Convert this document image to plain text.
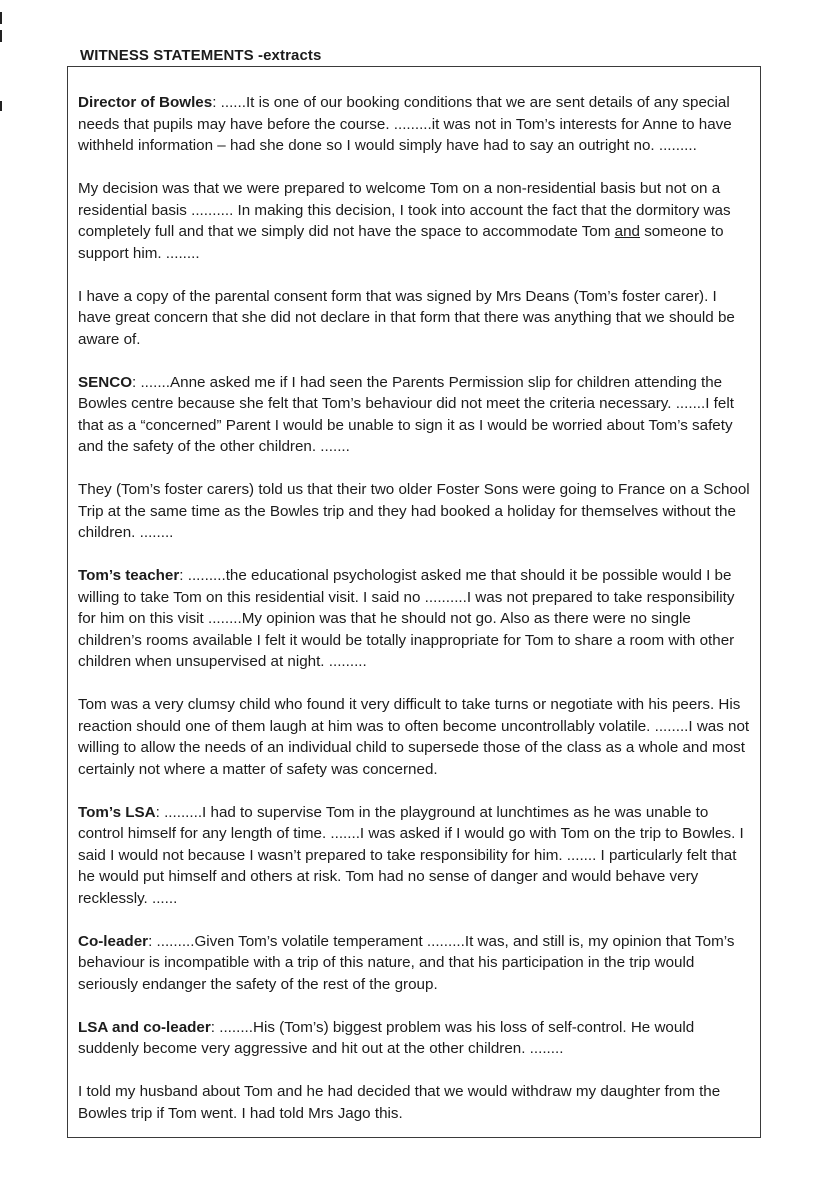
WITNESS STATEMENTS -extracts

Director of Bowles: ......It is one of our booking conditions that we are sent details of any special needs that pupils may have before the course. .........it was not in Tom’s interests for Anne to have withheld information – had she done so I would simply have had to say an outright no. .........

My decision was that we were prepared to welcome Tom on a non-residential basis but not on a residential basis .......... In making this decision, I took into account the fact that the dormitory was completely full and that we simply did not have the space to accommodate Tom and someone to support him. ........

I have a copy of the parental consent form that was signed by Mrs Deans (Tom’s foster carer). I have great concern that she did not declare in that form that there was anything that we should be aware of.

SENCO: .......Anne asked me if I had seen the Parents Permission slip for children attending the Bowles centre because she felt that Tom’s behaviour did not meet the criteria necessary. .......I felt that as a “concerned” Parent I would be unable to sign it as I would be worried about Tom’s safety and the safety of the other children. .......

They (Tom’s foster carers) told us that their two older Foster Sons were going to France on a School Trip at the same time as the Bowles trip and they had booked a holiday for themselves without the children. ........

Tom’s teacher: .........the educational psychologist asked me that should it be possible would I be willing to take Tom on this residential visit. I said no ..........I was not prepared to take responsibility for him on this visit ........My opinion was that he should not go. Also as there were no single children’s rooms available I felt it would be totally inappropriate for Tom to share a room with other children when unsupervised at night. .........

Tom was a very clumsy child who found it very difficult to take turns or negotiate with his peers. His reaction should one of them laugh at him was to often become uncontrollably volatile. ........I was not willing to allow the needs of an individual child to supersede those of the class as a whole and most certainly not where a matter of safety was concerned.

Tom’s LSA: .........I had to supervise Tom in the playground at lunchtimes as he was unable to control himself for any length of time. .......I was asked if I would go with Tom on the trip to Bowles. I said I would not because I wasn’t prepared to take responsibility for him. ....... I particularly felt that he would put himself and others at risk. Tom had no sense of danger and would behave very recklessly. ......

Co-leader: .........Given Tom’s volatile temperament .........It was, and still is, my opinion that Tom’s behaviour is incompatible with a trip of this nature, and that his participation in the trip would seriously endanger the safety of the rest of the group.

LSA and co-leader: ........His (Tom’s) biggest problem was his loss of self-control. He would suddenly become very aggressive and hit out at the other children. ........

I told my husband about Tom and he had decided that we would withdraw my daughter from the Bowles trip if Tom went. I had told Mrs Jago this.
